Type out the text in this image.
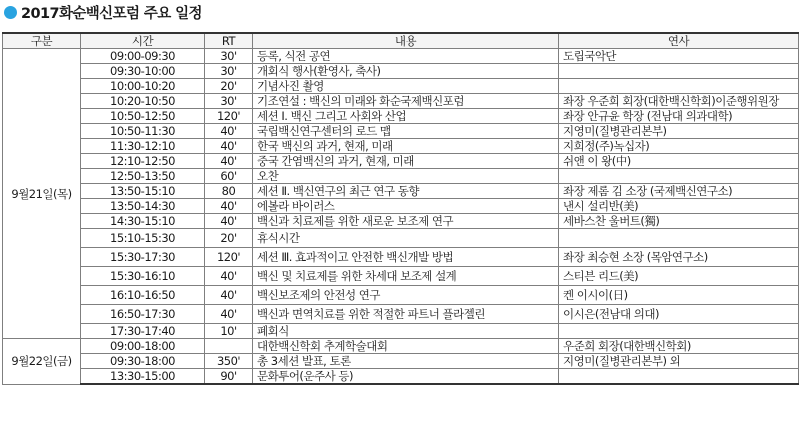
2017화순백신포럼 주요 일정
구분	시간	RT	내용	연사
9월21일(목)	09:00-09:30	30'	등록, 식전 공연	도립국악단
	09:30-10:00	30'	개회식 행사(환영사, 축사)	
	10:00-10:20	20'	기념사진 촬영	
	10:20-10:50	30'	기조연설 : 백신의 미래와 화순국제백신포럼	좌장 우준희 회장(대한백신학회)이준행위원장
	10:50-12:50	120'	세션 Ⅰ. 백신 그리고 사회와 산업	좌장 안규윤 학장 (전남대 의과대학)
	10:50-11:30	40'	국립백신연구센터의 로드 맵	지영미(질병관리본부)
	11:30-12:10	40'	한국 백신의 과거, 현재, 미래	지희정(주)녹십자)
	12:10-12:50	40'	중국 간염백신의 과거, 현재, 미래	쉬앤 이 왕(中)
	12:50-13:50	60'	오찬	
	13:50-15:10	80	세션 Ⅱ. 백신연구의 최근 연구 동향	좌장 제롬 김 소장 (국제백신연구소)
	13:50-14:30	40'	에볼라 바이러스	낸시 설리반(美)
	14:30-15:10	40'	백신과 치료제를 위한 새로운 보조제 연구	세바스찬 울버트(獨)
	15:10-15:30	20'	휴식시간	
	15:30-17:30	120'	세션 Ⅲ. 효과적이고 안전한 백신개발 방법	좌장 최승현 소장 (목암연구소)
	15:30-16:10	40'	백신 및 치료제를 위한 차세대 보조제 설계	스티븐 리드(美)
	16:10-16:50	40'	백신보조제의 안전성 연구	켄 이시이(日)
	16:50-17:30	40'	백신과 면역치료를 위한 적절한 파트너 플라젤린	이시은(전남대 의대)
	17:30-17:40	10'	폐회식	
9월22일(금)	09:00-18:00		대한백신학회 추계학술대회	우준희 회장(대한백신학회)
	09:30-18:00	350'	총 3세션 발표, 토론	지영미(질병관리본부) 외
	13:30-15:00	90'	문화투어(운주사 등)	
